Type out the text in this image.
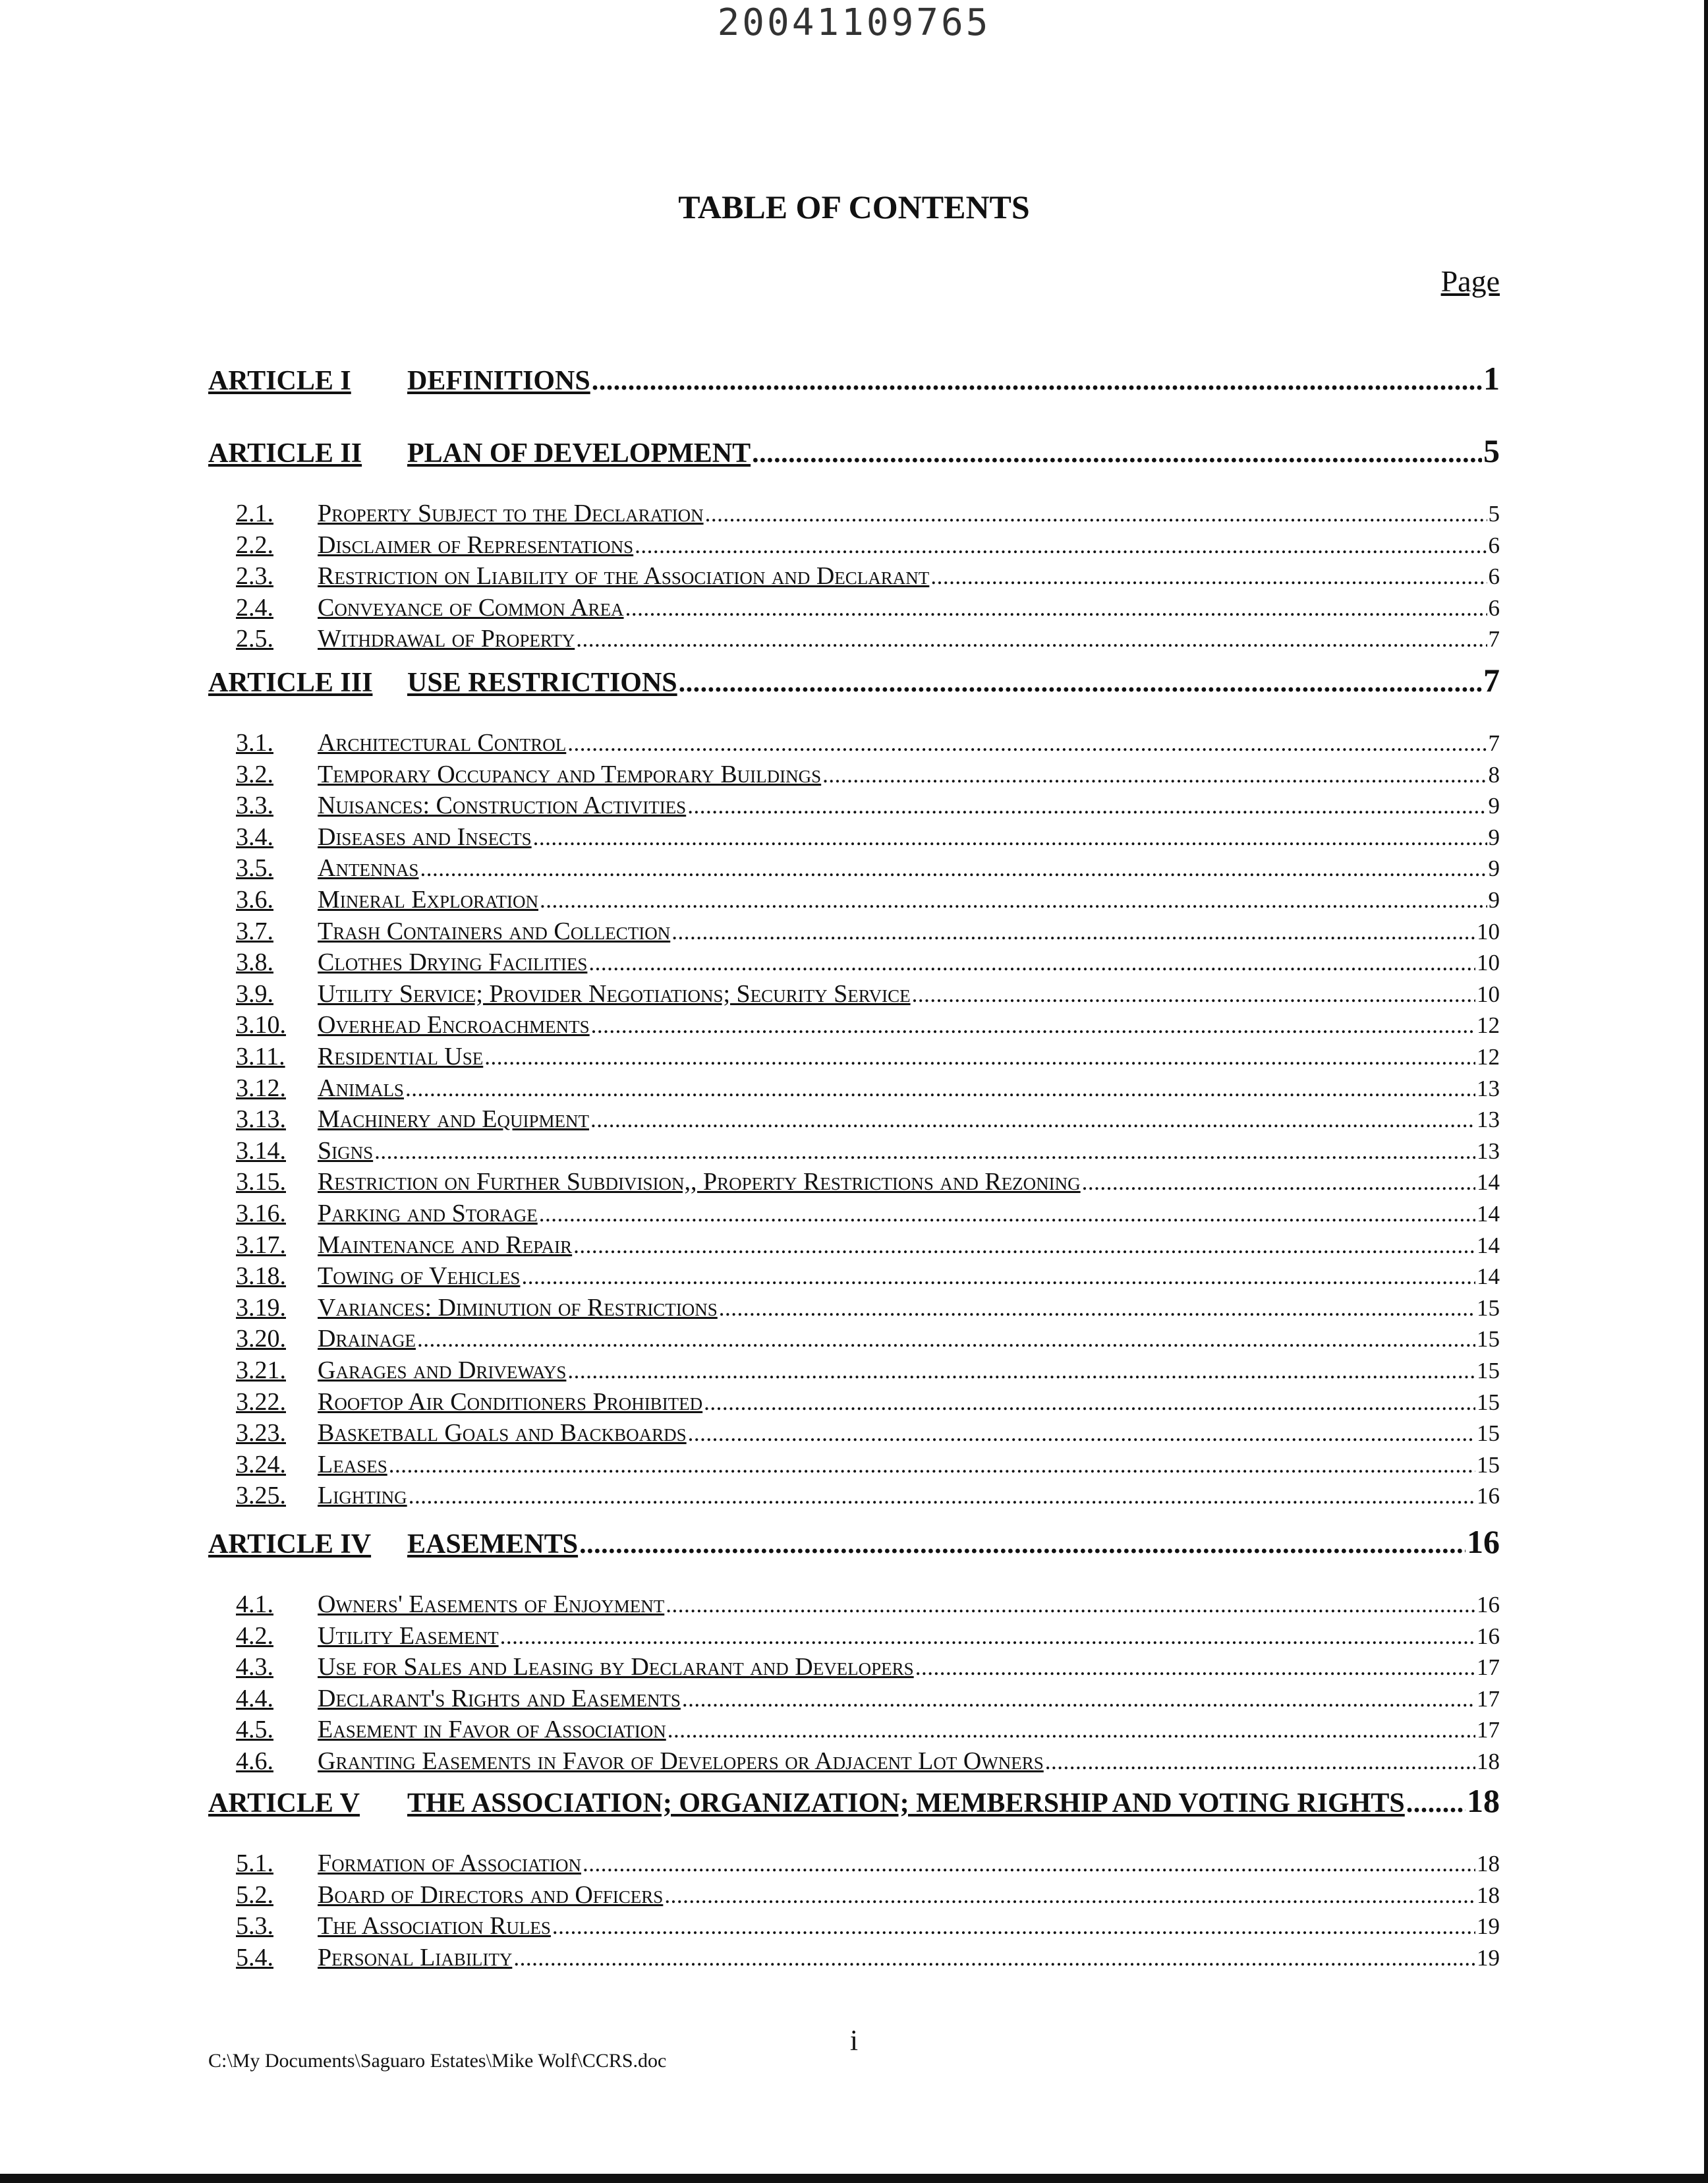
20041109765
TABLE OF CONTENTS
Page
ARTICLE I	DEFINITIONS .....	1
ARTICLE II	PLAN OF DEVELOPMENT .....	5
2.1.	Property Subject to the Declaration .....	5
2.2.	Disclaimer of Representations .....	6
2.3.	Restriction on Liability of the Association and Declarant .....	6
2.4.	Conveyance of Common Area .....	6
2.5.	Withdrawal of Property .....	7
ARTICLE III	USE RESTRICTIONS .....	7
3.1.	Architectural Control .....	7
3.2.	Temporary Occupancy and Temporary Buildings .....	8
3.3.	Nuisances: Construction Activities .....	9
3.4.	Diseases and Insects .....	9
3.5.	Antennas .....	9
3.6.	Mineral Exploration .....	9
3.7.	Trash Containers and Collection .....	10
3.8.	Clothes Drying Facilities .....	10
3.9.	Utility Service; Provider Negotiations; Security Service .....	10
3.10.	Overhead Encroachments .....	12
3.11.	Residential Use .....	12
3.12.	Animals .....	13
3.13.	Machinery and Equipment .....	13
3.14.	Signs .....	13
3.15.	Restriction on Further Subdivision,, Property Restrictions and Rezoning .....	14
3.16.	Parking and Storage .....	14
3.17.	Maintenance and Repair .....	14
3.18.	Towing of Vehicles .....	14
3.19.	Variances: Diminution of Restrictions .....	15
3.20.	Drainage .....	15
3.21.	Garages and Driveways .....	15
3.22.	Rooftop Air Conditioners Prohibited .....	15
3.23.	Basketball Goals and Backboards .....	15
3.24.	Leases .....	15
3.25.	Lighting .....	16
ARTICLE IV	EASEMENTS .....	16
4.1.	Owners' Easements of Enjoyment .....	16
4.2.	Utility Easement .....	16
4.3.	Use for Sales and Leasing by Declarant and Developers .....	17
4.4.	Declarant's Rights and Easements .....	17
4.5.	Easement in Favor of Association .....	17
4.6.	Granting Easements in Favor of Developers or Adjacent Lot Owners .....	18
ARTICLE V	THE ASSOCIATION; ORGANIZATION; MEMBERSHIP AND VOTING RIGHTS ..... 18
5.1.	Formation of Association .....	18
5.2.	Board of Directors and Officers .....	18
5.3.	The Association Rules .....	19
5.4.	Personal Liability .....	19
i
C:\My Documents\Saguaro Estates\Mike Wolf\CCRS.doc
